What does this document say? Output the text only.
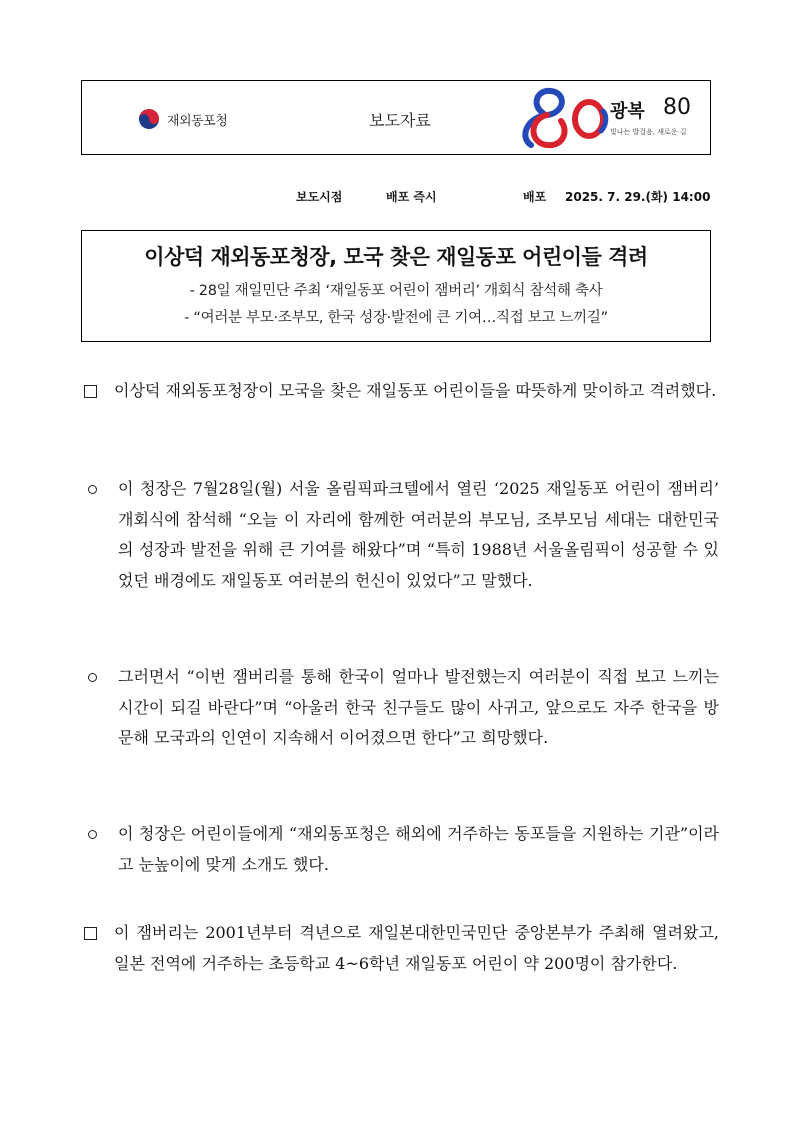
재외동포청	보도자료	광복 80
빛나는 발걸음, 새로운 길
보도시점	배포 즉시	배포 2025. 7. 29.(화) 14:00
이상덕 재외동포청장, 모국 찾은 재일동포 어린이들 격려
- 28일 재일민단 주최 ‘재일동포 어린이 잼버리’ 개회식 참석해 축사
- “여러분 부모·조부모, 한국 성장·발전에 큰 기여…직접 보고 느끼길”
이상덕 재외동포청장이 모국을 찾은 재일동포 어린이들을 따뜻하게 맞이하고 격려했다.
이 청장은 7월28일(월) 서울 올림픽파크텔에서 열린 ‘2025 재일동포 어린이 잼버리’ 개회식에 참석해 “오늘 이 자리에 함께한 여러분의 부모님, 조부모님 세대는 대한민국의 성장과 발전을 위해 큰 기여를 해왔다”며 “특히 1988년 서울올림픽이 성공할 수 있었던 배경에도 재일동포 여러분의 헌신이 있었다”고 말했다.
그러면서 “이번 잼버리를 통해 한국이 얼마나 발전했는지 여러분이 직접 보고 느끼는 시간이 되길 바란다”며 “아울러 한국 친구들도 많이 사귀고, 앞으로도 자주 한국을 방문해 모국과의 인연이 지속해서 이어졌으면 한다”고 희망했다.
이 청장은 어린이들에게 “재외동포청은 해외에 거주하는 동포들을 지원하는 기관”이라고 눈높이에 맞게 소개도 했다.
이 잼버리는 2001년부터 격년으로 재일본대한민국민단 중앙본부가 주최해 열려왔고, 일본 전역에 거주하는 초등학교 4~6학년 재일동포 어린이 약 200명이 참가한다.
